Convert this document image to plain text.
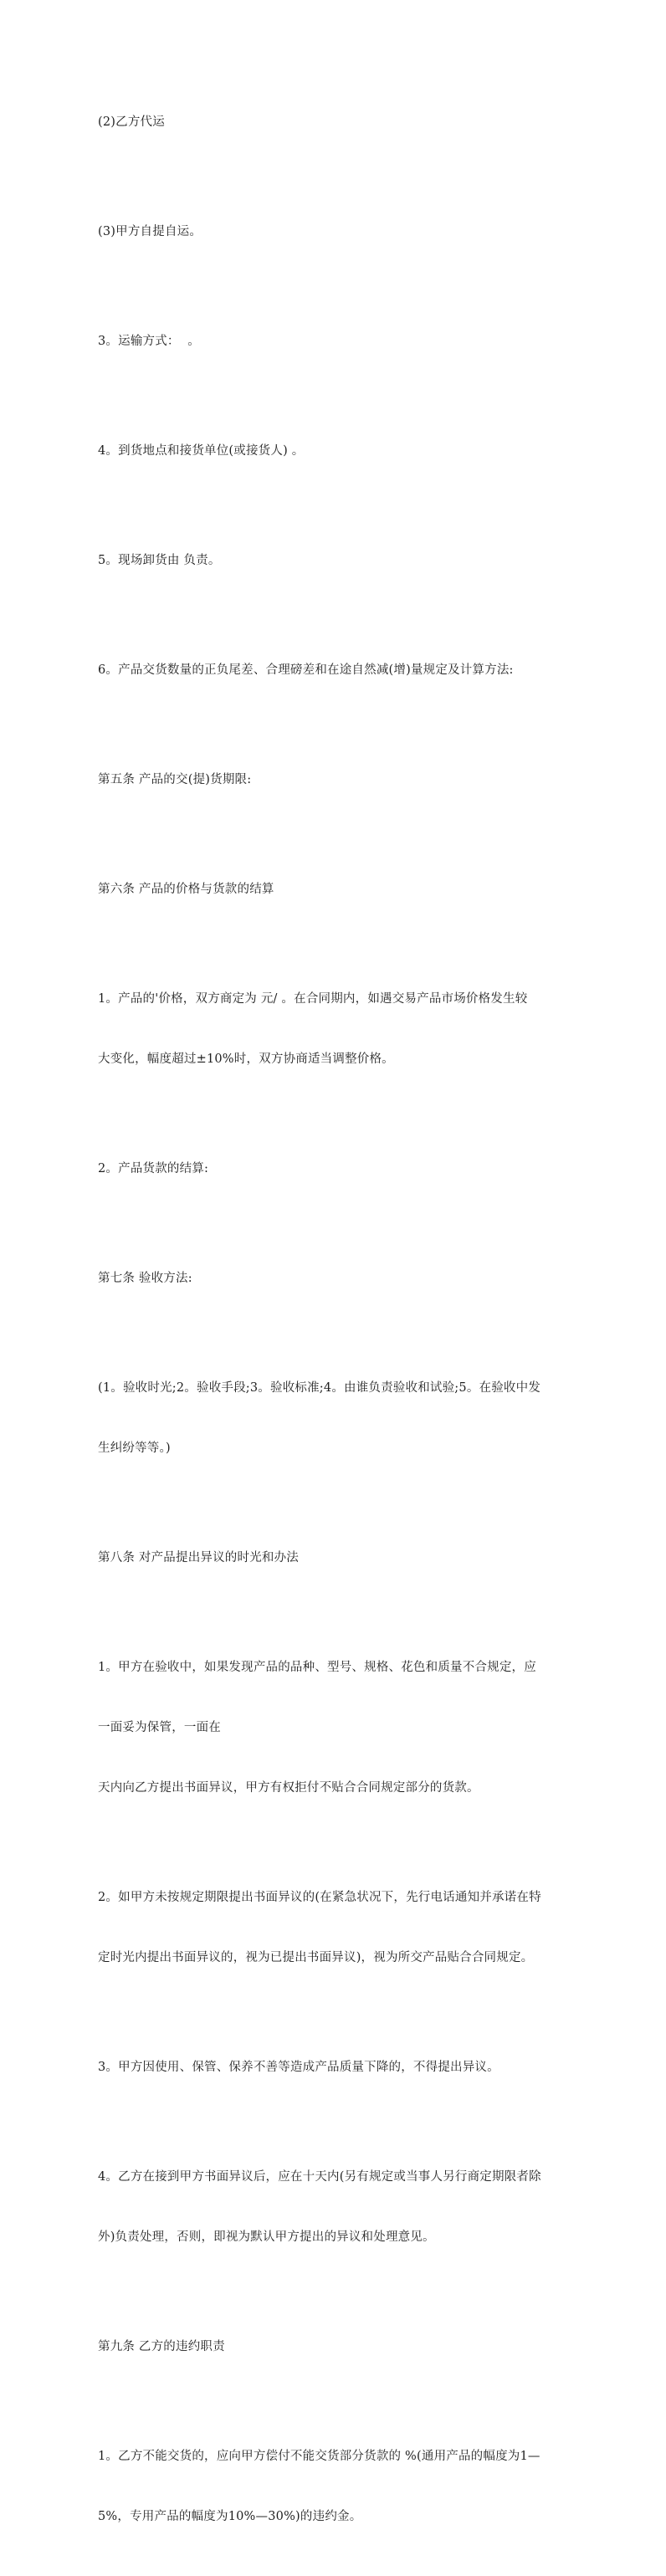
(2)乙方代运

(3)甲方自提自运。

3。运输方式：  。

4。到货地点和接货单位(或接货人) 。

5。现场卸货由 负责。

6。产品交货数量的正负尾差、合理磅差和在途自然减(增)量规定及计算方法:

第五条 产品的交(提)货期限:

第六条 产品的价格与货款的结算

1。产品的'价格，双方商定为 元/ 。在合同期内，如遇交易产品市场价格发生较

大变化，幅度超过±10%时，双方协商适当调整价格。

2。产品货款的结算:

第七条 验收方法:

(1。验收时光;2。验收手段;3。验收标准;4。由谁负责验收和试验;5。在验收中发

生纠纷等等。)

第八条 对产品提出异议的时光和办法

1。甲方在验收中，如果发现产品的品种、型号、规格、花色和质量不合规定，应

一面妥为保管，一面在

天内向乙方提出书面异议，甲方有权拒付不贴合合同规定部分的货款。

2。如甲方未按规定期限提出书面异议的(在紧急状况下，先行电话通知并承诺在特

定时光内提出书面异议的，视为已提出书面异议)，视为所交产品贴合合同规定。

3。甲方因使用、保管、保养不善等造成产品质量下降的，不得提出异议。

4。乙方在接到甲方书面异议后，应在十天内(另有规定或当事人另行商定期限者除

外)负责处理，否则，即视为默认甲方提出的异议和处理意见。

第九条 乙方的违约职责

1。乙方不能交货的，应向甲方偿付不能交货部分货款的 %(通用产品的幅度为1—

5%，专用产品的幅度为10%—30%)的违约金。
